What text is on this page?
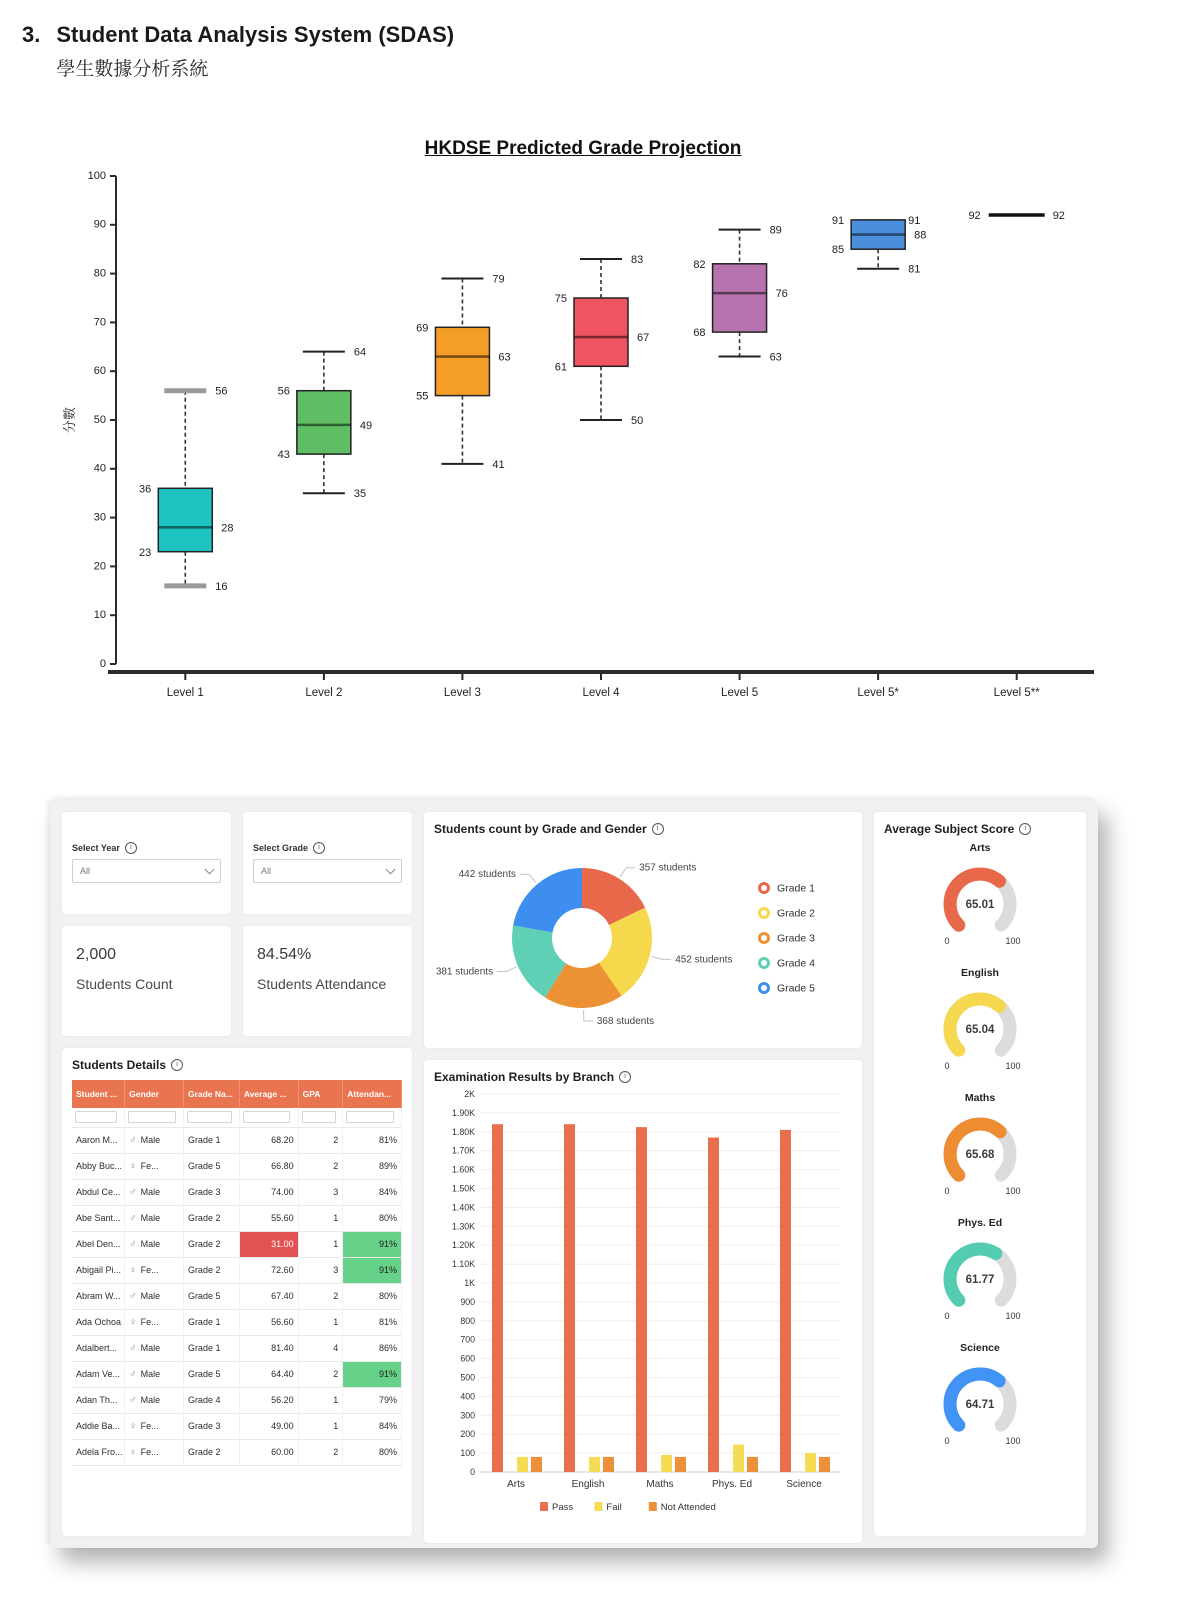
3. Student Data Analysis System (SDAS)
學生數據分析系統
HKDSE Predicted Grade Projection
0
10
20
30
40
50
60
70
80
90
100
分數
Level 1	Level 2	Level 3	Level 4	Level 5	Level 5*	Level 5**
36
23
28
56
16
56
43
49
64
35
69
55
63
79
41
75
61
67
83
50
82
68
76
89
63
91
85
88
91
81
92	92
Select Year	i
All
Select Grade	i
All
2,000
Students Count
84.54%
Students Attendance
Students Details	i
Student ...	Gender	Grade Na...	Average ...	GPA	Attendan...

Aaron M...	♂ Male	Grade 1	68.20	2	81%
Abby Buc...	♀ Fe...	Grade 5	66.80	2	89%
Abdul Ce...	♂ Male	Grade 3	74.00	3	84%
Abe Sant...	♂ Male	Grade 2	55.60	1	80%
Abel Den...	♂ Male	Grade 2	31.00	1	91%
Abigail Pi...	♀ Fe...	Grade 2	72.60	3	91%
Abram W...	♂ Male	Grade 5	67.40	2	80%
Ada Ochoa	♀ Fe...	Grade 1	56.60	1	81%
Adalbert...	♂ Male	Grade 1	81.40	4	86%
Adam Ve...	♂ Male	Grade 5	64.40	2	91%
Adan Th...	♂ Male	Grade 4	56.20	1	79%
Addie Ba...	♀ Fe...	Grade 3	49.00	1	84%
Adela Fro...	♀ Fe...	Grade 2	60.00	2	80%
Students count by Grade and Gender	i
357 students
452 students
368 students
381 students
442 students
Grade 1
Grade 2
Grade 3
Grade 4
Grade 5
Examination Results by Branch	i
0
100
200
300
400
500
600
700
800
900
1K
1.10K
1.20K
1.30K
1.40K
1.50K
1.60K
1.70K
1.80K
1.90K
2K
Arts	English	Maths	Phys. Ed	Science
Pass	Fail	Not Attended
Average Subject Score	i
Arts
65.01
0	100
English
65.04
0	100
Maths
65.68
0	100
Phys. Ed
61.77
0	100
Science
64.71
0	100
